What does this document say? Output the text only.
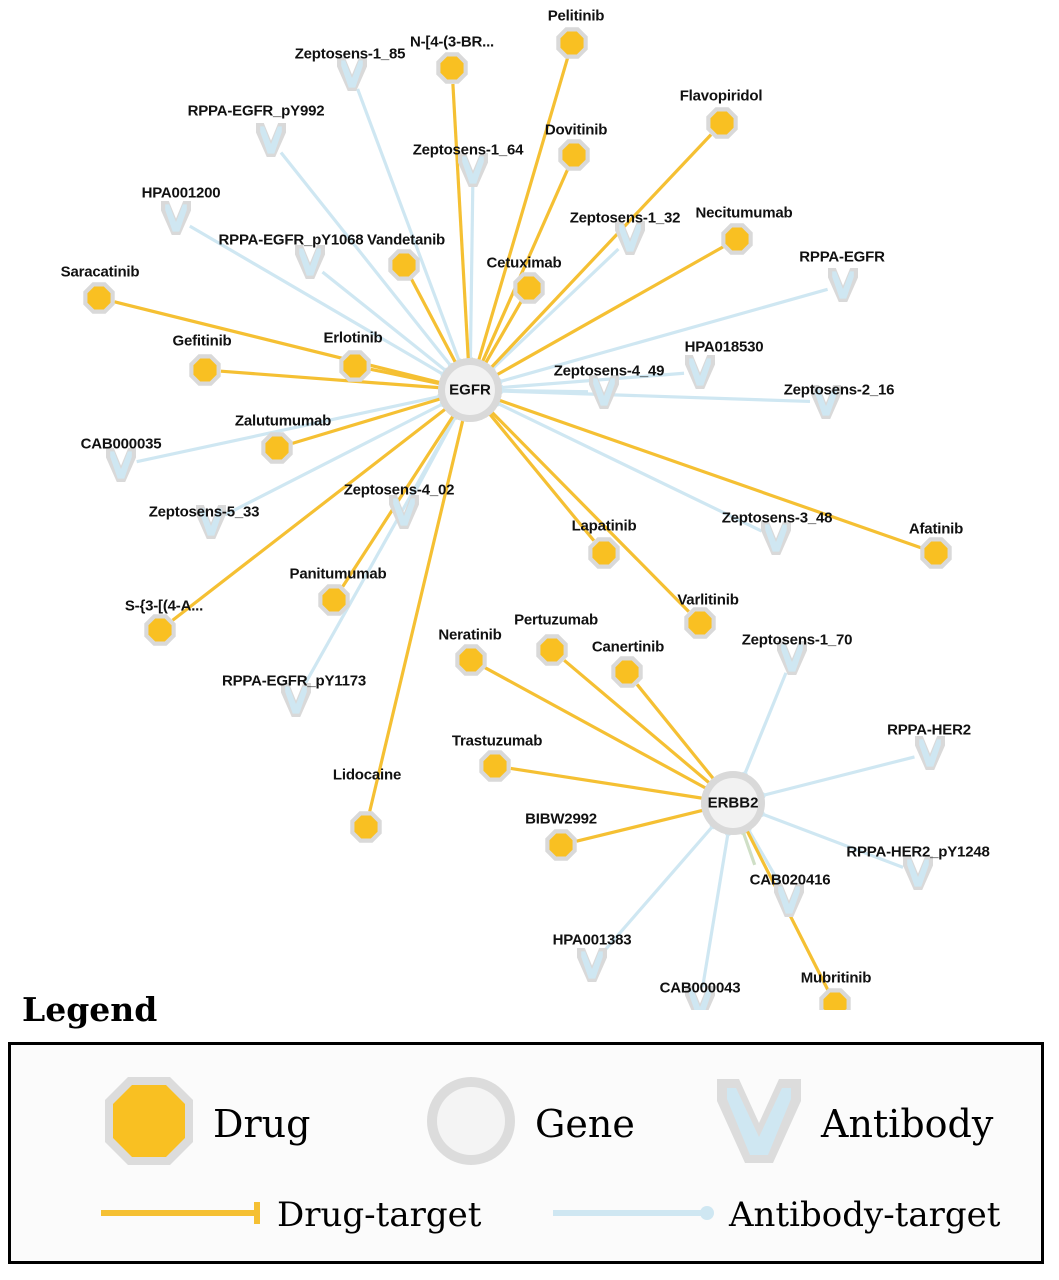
Zeptosens-1_85
RPPA-EGFR_pY992
Zeptosens-1_64
HPA001200
Zeptosens-1_32
RPPA-EGFR_pY1068
RPPA-EGFR
HPA018530
Zeptosens-4_49
Zeptosens-2_16
CAB000035
Zeptosens-5_33
Zeptosens-4_02
Zeptosens-3_48
Zeptosens-1_70
RPPA-EGFR_pY1173
RPPA-HER2
RPPA-HER2_pY1248
CAB020416
HPA001383
CAB000043
Pelitinib
N-[4-(3-BR...
Flavopiridol
Dovitinib
Necitumumab
Vandetanib
Cetuximab
Saracatinib
Gefitinib	Erlotinib
Zalutumumab
Afatinib
Lapatinib
Varlitinib
Panitumumab
S-{3-[(4-A...
Pertuzumab
Canertinib
Neratinib
Trastuzumab
BIBW2992
Lidocaine
Mubritinib
EGFR
ERBB2
Legend
Drug	Gene	Antibody
Drug-target	Antibody-target
